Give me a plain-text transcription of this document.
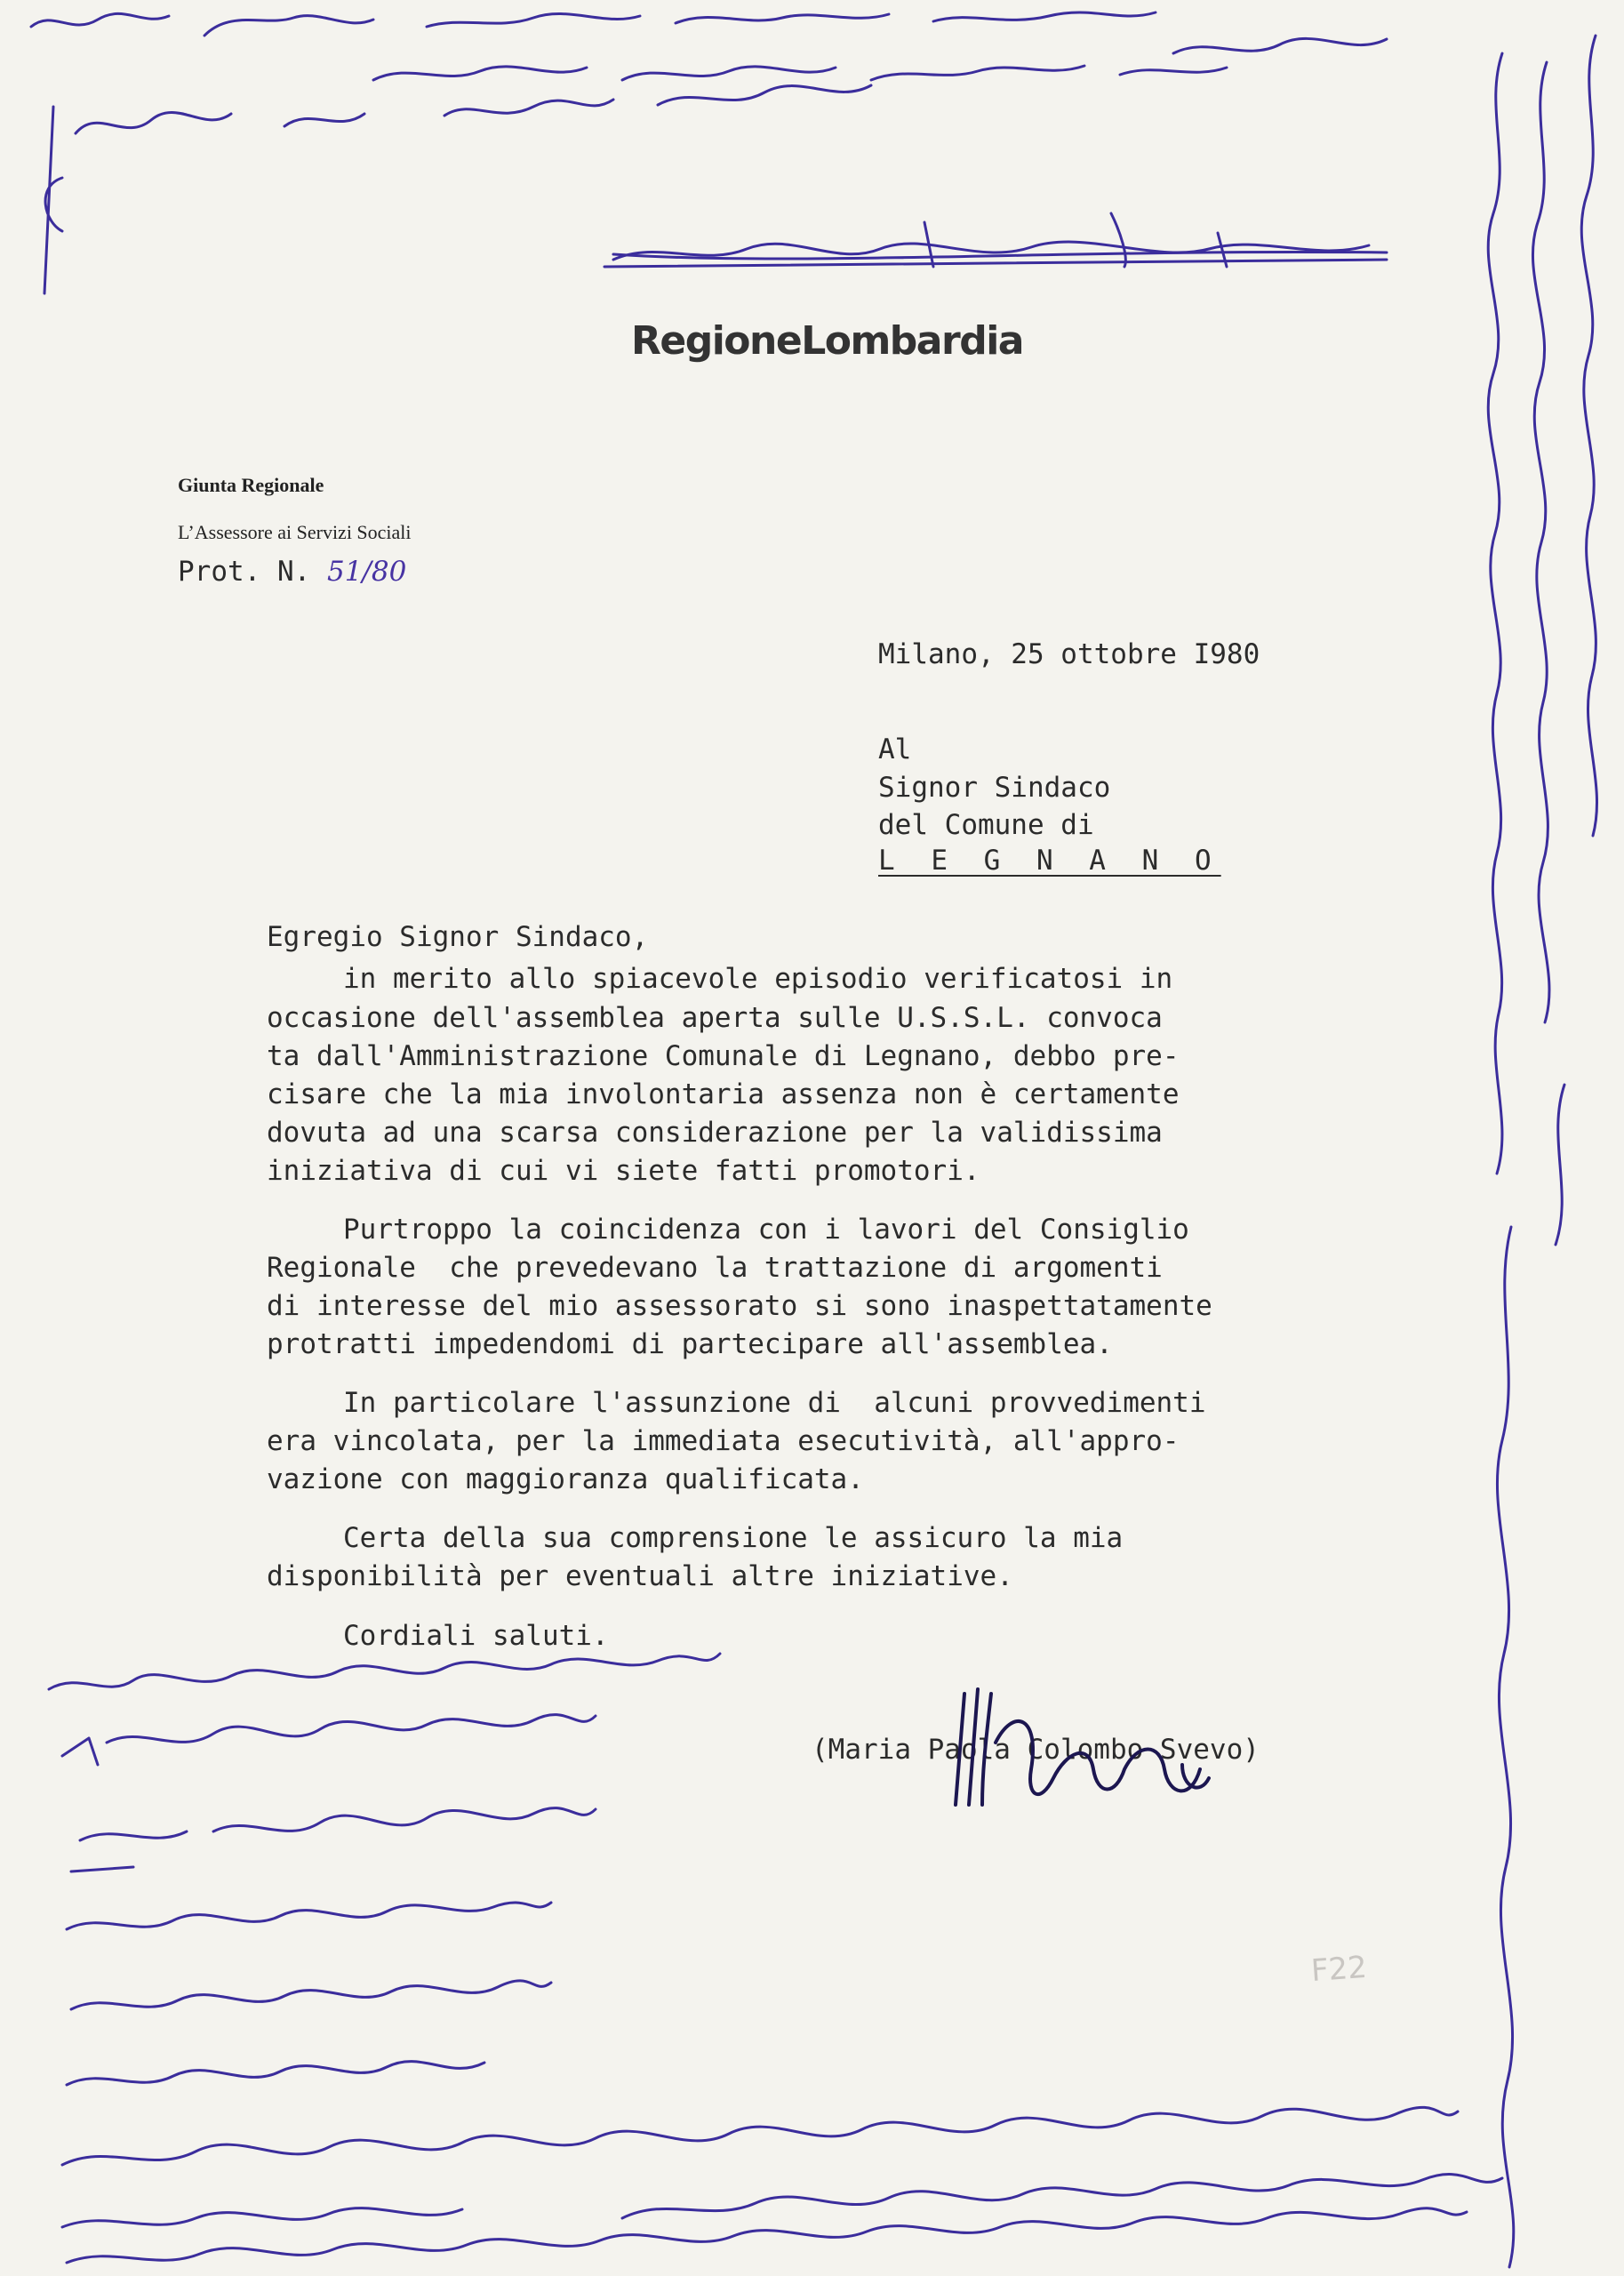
RegioneLombardia
Giunta Regionale
L’Assessore ai Servizi Sociali
Prot. N. 51/80
Milano, 25 ottobre I980
Al
Signor Sindaco
del Comune di
L E G N A N O
Egregio Signor Sindaco,
in merito allo spiacevole episodio verificatosi in
occasione dell'assemblea aperta sulle U.S.S.L. convoca
ta dall'Amministrazione Comunale di Legnano, debbo pre-
cisare che la mia involontaria assenza non è certamente
dovuta ad una scarsa considerazione per la validissima
iniziativa di cui vi siete fatti promotori.
Purtroppo la coincidenza con i lavori del Consiglio
Regionale  che prevedevano la trattazione di argomenti
di interesse del mio assessorato si sono inaspettatamente
protratti impedendomi di partecipare all'assemblea.
In particolare l'assunzione di  alcuni provvedimenti
era vincolata, per la immediata esecutività, all'appro-
vazione con maggioranza qualificata.
Certa della sua comprensione le assicuro la mia
disponibilità per eventuali altre iniziative.
Cordiali saluti.
(Maria Paola Colombo Svevo)
F22
